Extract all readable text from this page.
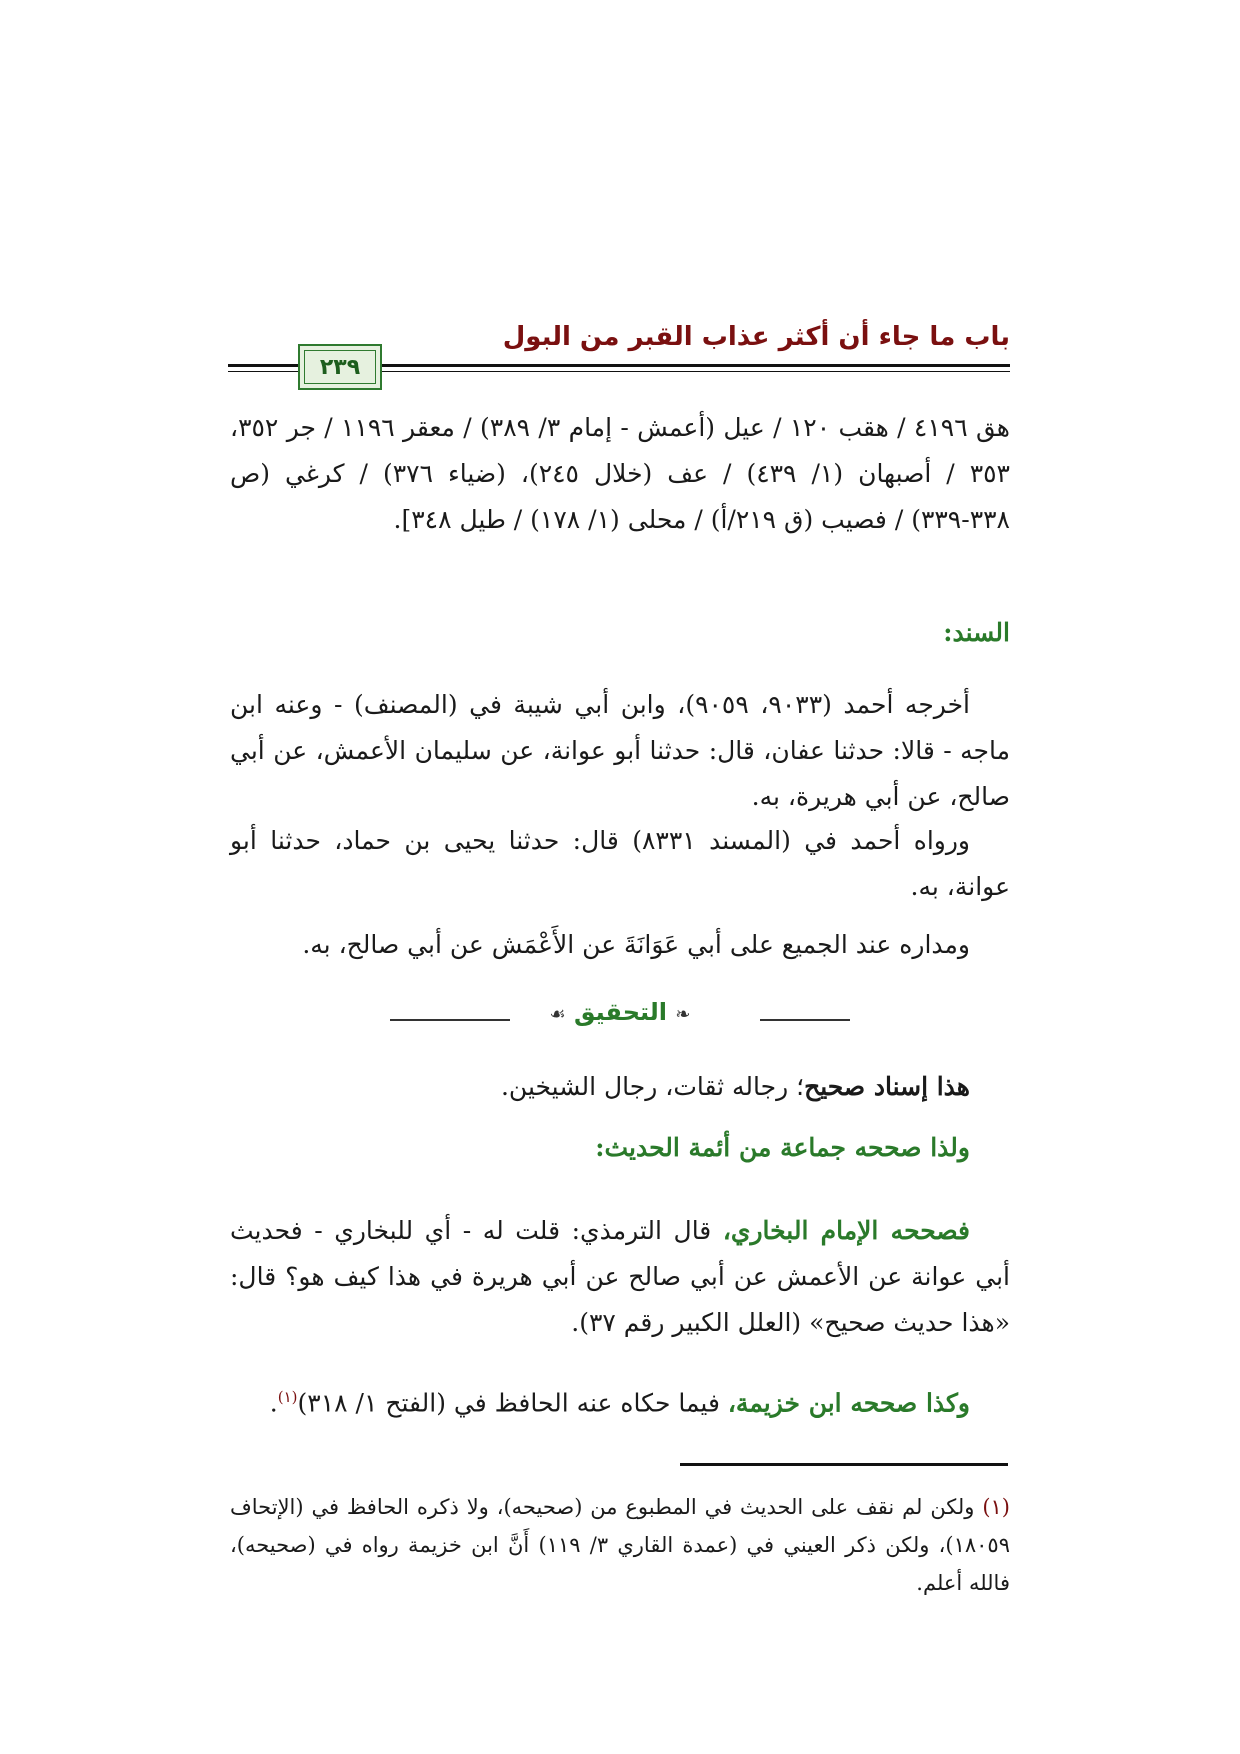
باب ما جاء أن أكثر عذاب القبر من البول
٢٣٩

هق ٤١٩٦ / هقب ١٢٠ / عيل (أعمش - إمام ٣/ ٣٨٩) / معقر ١١٩٦ / جر ٣٥٢، ٣٥٣ / أصبهان (١/ ٤٣٩) / عف (خلال ٢٤٥)، (ضياء ٣٧٦) / كرغي (ص ٣٣٨-٣٣٩) / فصيب (ق ٢١٩/أ) / محلى (١/ ١٧٨) / طيل ٣٤٨].

السند:

أخرجه أحمد (٩٠٣٣، ٩٠٥٩)، وابن أبي شيبة في (المصنف) - وعنه ابن ماجه - قالا: حدثنا عفان، قال: حدثنا أبو عوانة، عن سليمان الأعمش، عن أبي صالح، عن أبي هريرة، به.

ورواه أحمد في (المسند ٨٣٣١) قال: حدثنا يحيى بن حماد، حدثنا أبو عوانة، به.

ومداره عند الجميع على أبي عَوَانَةَ عن الأَعْمَش عن أبي صالح، به.

❧ التحقيق ☙

هذا إسناد صحيح؛ رجاله ثقات، رجال الشيخين.

ولذا صححه جماعة من أئمة الحديث:

فصححه الإمام البخاري، قال الترمذي: قلت له - أي للبخاري - فحديث أبي عوانة عن الأعمش عن أبي صالح عن أبي هريرة في هذا كيف هو؟ قال: «هذا حديث صحيح» (العلل الكبير رقم ٣٧).

وكذا صححه ابن خزيمة، فيما حكاه عنه الحافظ في (الفتح ١/ ٣١٨)$^{(١)}$.

(١) ولكن لم نقف على الحديث في المطبوع من (صحيحه)، ولا ذكره الحافظ في (الإتحاف ١٨٠٥٩)، ولكن ذكر العيني في (عمدة القاري ٣/ ١١٩) أَنَّ ابن خزيمة رواه في (صحيحه)، فالله أعلم.
